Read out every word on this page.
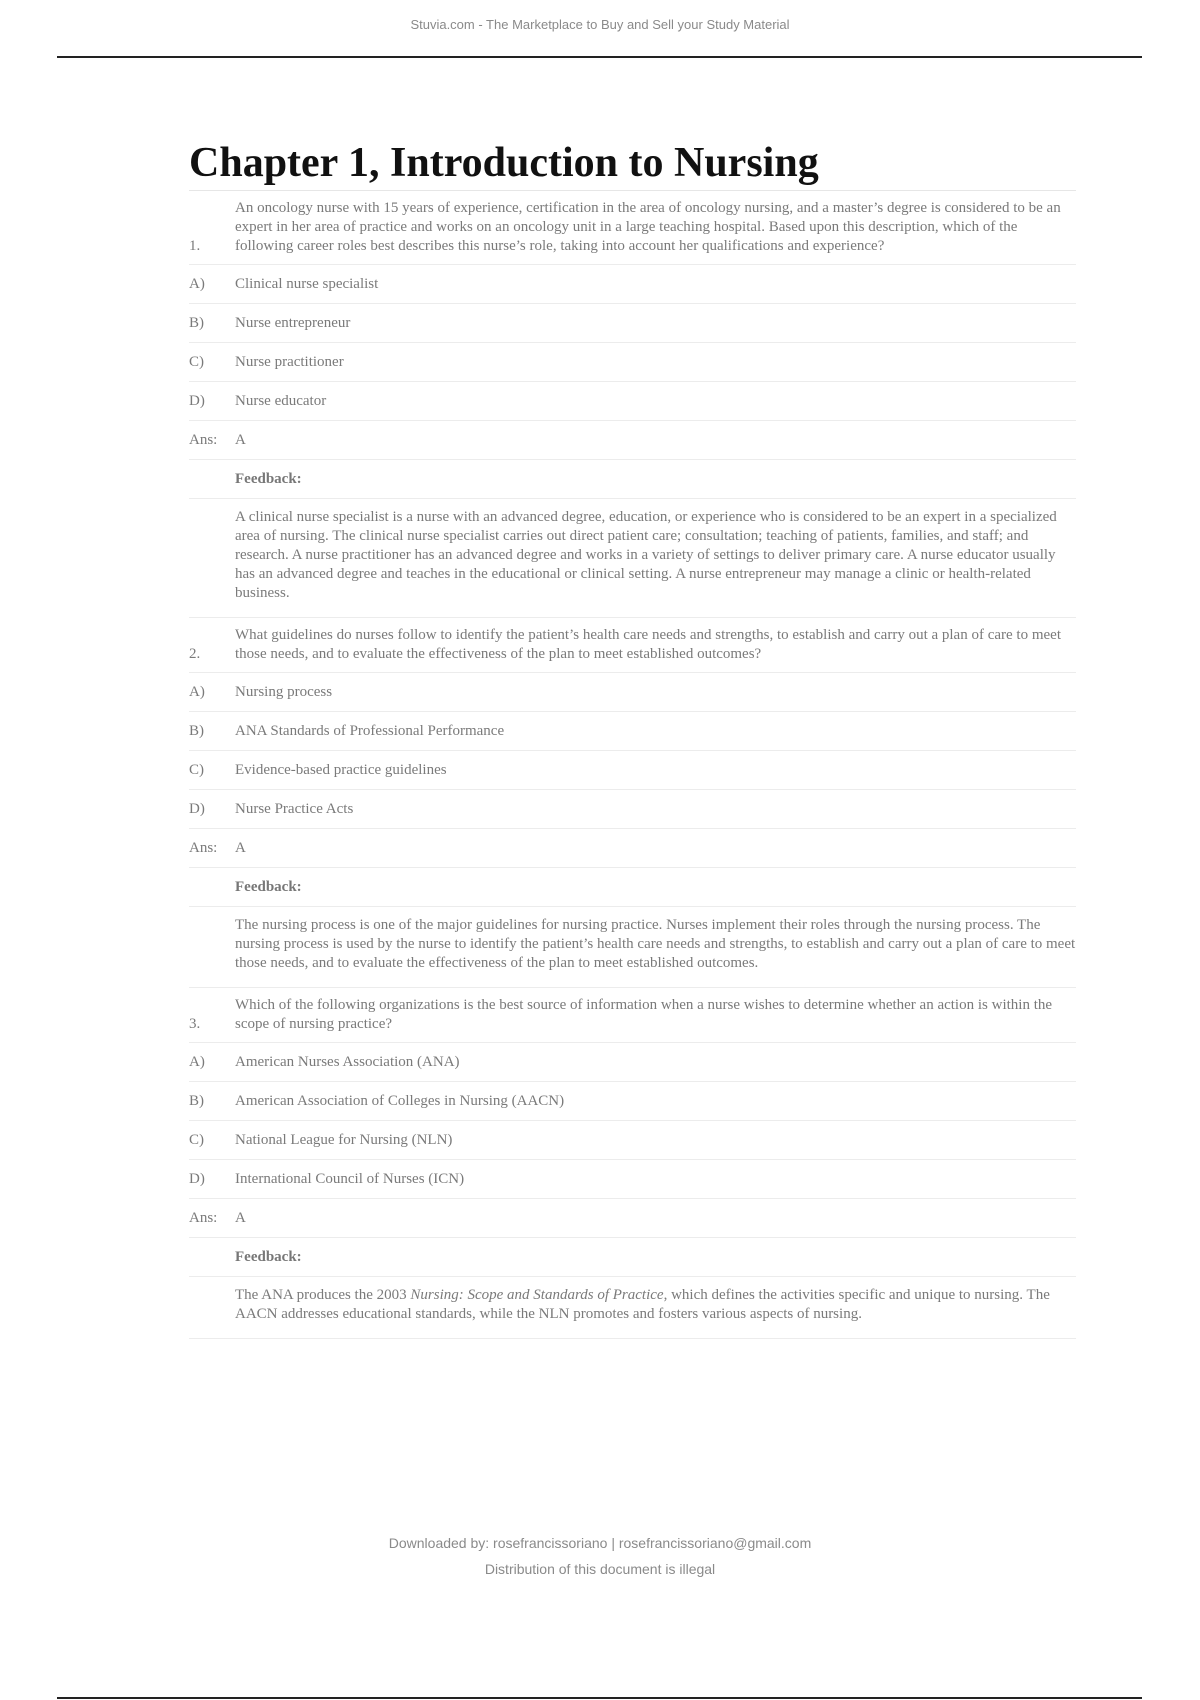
Stuvia.com - The Marketplace to Buy and Sell your Study Material
Chapter 1, Introduction to Nursing
1.
An oncology nurse with 15 years of experience, certification in the area of oncology nursing, and a master’s degree is considered to be an expert in her area of practice and works on an oncology unit in a large teaching hospital. Based upon this description, which of the following career roles best describes this nurse’s role, taking into account her qualifications and experience?
A)	Clinical nurse specialist
B)	Nurse entrepreneur
C)	Nurse practitioner
D)	Nurse educator
Ans:	A
Feedback:
A clinical nurse specialist is a nurse with an advanced degree, education, or experience who is considered to be an expert in a specialized area of nursing. The clinical nurse specialist carries out direct patient care; consultation; teaching of patients, families, and staff; and research. A nurse practitioner has an advanced degree and works in a variety of settings to deliver primary care. A nurse educator usually has an advanced degree and teaches in the educational or clinical setting. A nurse entrepreneur may manage a clinic or health-related business.
2.
What guidelines do nurses follow to identify the patient’s health care needs and strengths, to establish and carry out a plan of care to meet those needs, and to evaluate the effectiveness of the plan to meet established outcomes?
A)	Nursing process
B)	ANA Standards of Professional Performance
C)	Evidence-based practice guidelines
D)	Nurse Practice Acts
Ans:	A
Feedback:
The nursing process is one of the major guidelines for nursing practice. Nurses implement their roles through the nursing process. The nursing process is used by the nurse to identify the patient’s health care needs and strengths, to establish and carry out a plan of care to meet those needs, and to evaluate the effectiveness of the plan to meet established outcomes.
3.
Which of the following organizations is the best source of information when a nurse wishes to determine whether an action is within the scope of nursing practice?
A)	American Nurses Association (ANA)
B)	American Association of Colleges in Nursing (AACN)
C)	National League for Nursing (NLN)
D)	International Council of Nurses (ICN)
Ans:	A
Feedback:
The ANA produces the 2003 Nursing: Scope and Standards of Practice, which defines the activities specific and unique to nursing. The AACN addresses educational standards, while the NLN promotes and fosters various aspects of nursing.
Downloaded by: rosefrancissoriano | rosefrancissoriano@gmail.com
Distribution of this document is illegal
